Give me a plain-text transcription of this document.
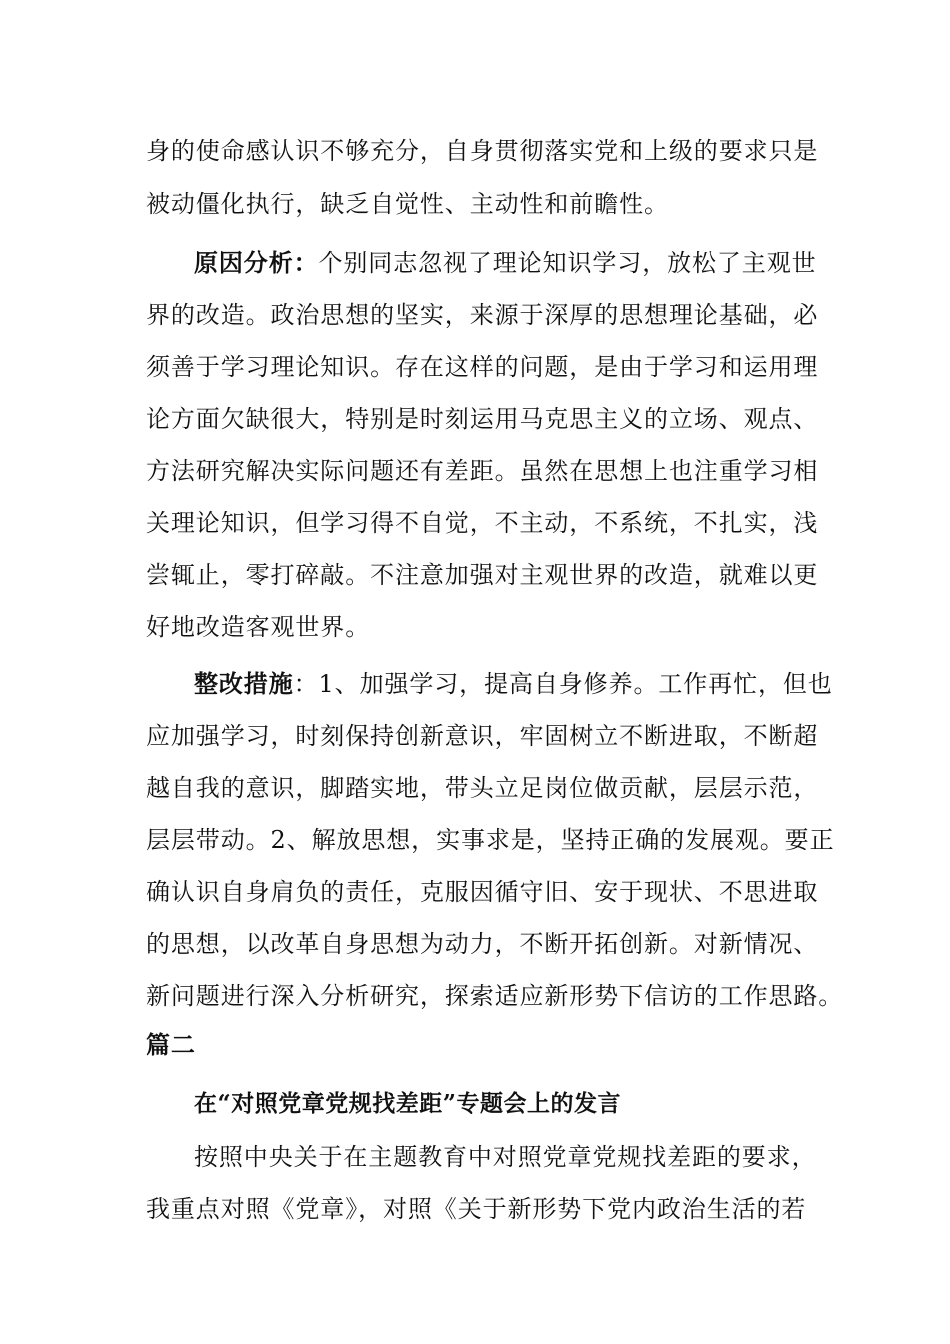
身的使命感认识不够充分，自身贯彻落实党和上级的要求只是
被动僵化执行，缺乏自觉性、主动性和前瞻性。
原因分析：个别同志忽视了理论知识学习，放松了主观世
界的改造。政治思想的坚实，来源于深厚的思想理论基础，必
须善于学习理论知识。存在这样的问题，是由于学习和运用理
论方面欠缺很大，特别是时刻运用马克思主义的立场、观点、
方法研究解决实际问题还有差距。虽然在思想上也注重学习相
关理论知识，但学习得不自觉，不主动，不系统，不扎实，浅
尝辄止，零打碎敲。不注意加强对主观世界的改造，就难以更
好地改造客观世界。
整改措施：1、加强学习，提高自身修养。工作再忙，但也
应加强学习，时刻保持创新意识，牢固树立不断进取，不断超
越自我的意识，脚踏实地，带头立足岗位做贡献，层层示范，
层层带动。2、解放思想，实事求是，坚持正确的发展观。要正
确认识自身肩负的责任，克服因循守旧、安于现状、不思进取
的思想，以改革自身思想为动力，不断开拓创新。对新情况、
新问题进行深入分析研究，探索适应新形势下信访的工作思路。
篇二
在“对照党章党规找差距”专题会上的发言
按照中央关于在主题教育中对照党章党规找差距的要求，
我重点对照《党章》，对照《关于新形势下党内政治生活的若
